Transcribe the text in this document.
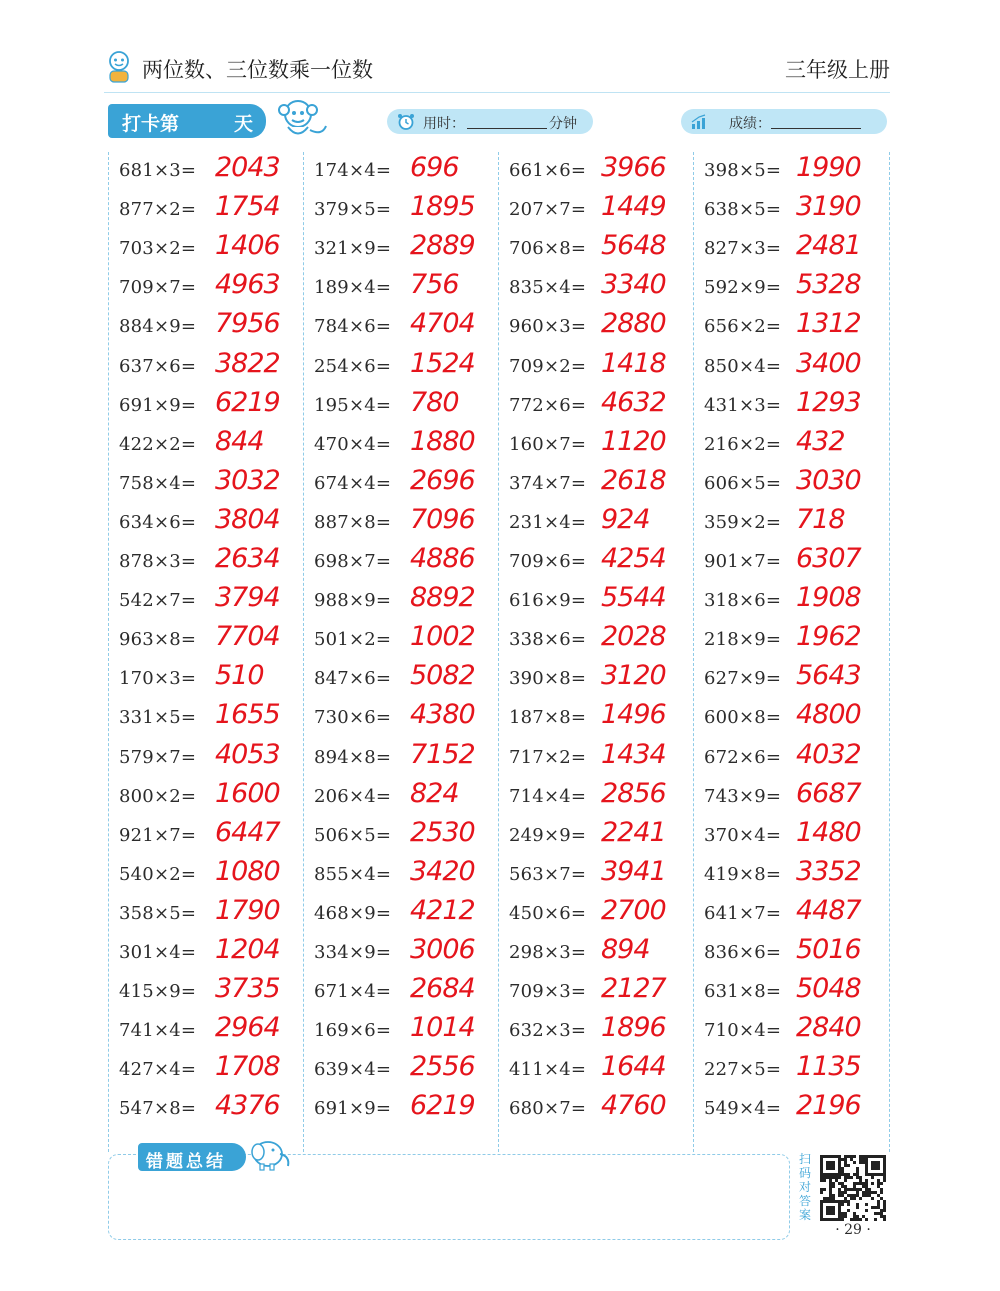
两位数、三位数乘一位数	三年级上册
打卡第	天	用时：	分钟	成绩：
681×3= 2043
877×2= 1754
703×2= 1406
709×7= 4963
884×9= 7956
637×6= 3822
691×9= 6219
422×2= 844
758×4= 3032
634×6= 3804
878×3= 2634
542×7= 3794
963×8= 7704
170×3= 510
331×5= 1655
579×7= 4053
800×2= 1600
921×7= 6447
540×2= 1080
358×5= 1790
301×4= 1204
415×9= 3735
741×4= 2964
427×4= 1708
547×8= 4376
174×4= 696
379×5= 1895
321×9= 2889
189×4= 756
784×6= 4704
254×6= 1524
195×4= 780
470×4= 1880
674×4= 2696
887×8= 7096
698×7= 4886
988×9= 8892
501×2= 1002
847×6= 5082
730×6= 4380
894×8= 7152
206×4= 824
506×5= 2530
855×4= 3420
468×9= 4212
334×9= 3006
671×4= 2684
169×6= 1014
639×4= 2556
691×9= 6219
661×6= 3966
207×7= 1449
706×8= 5648
835×4= 3340
960×3= 2880
709×2= 1418
772×6= 4632
160×7= 1120
374×7= 2618
231×4= 924
709×6= 4254
616×9= 5544
338×6= 2028
390×8= 3120
187×8= 1496
717×2= 1434
714×4= 2856
249×9= 2241
563×7= 3941
450×6= 2700
298×3= 894
709×3= 2127
632×3= 1896
411×4= 1644
680×7= 4760
398×5= 1990
638×5= 3190
827×3= 2481
592×9= 5328
656×2= 1312
850×4= 3400
431×3= 1293
216×2= 432
606×5= 3030
359×2= 718
901×7= 6307
318×6= 1908
218×9= 1962
627×9= 5643
600×8= 4800
672×6= 4032
743×9= 6687
370×4= 1480
419×8= 3352
641×7= 4487
836×6= 5016
631×8= 5048
710×4= 2840
227×5= 1135
549×4= 2196
错题总结	扫码对答案
· 29 ·
